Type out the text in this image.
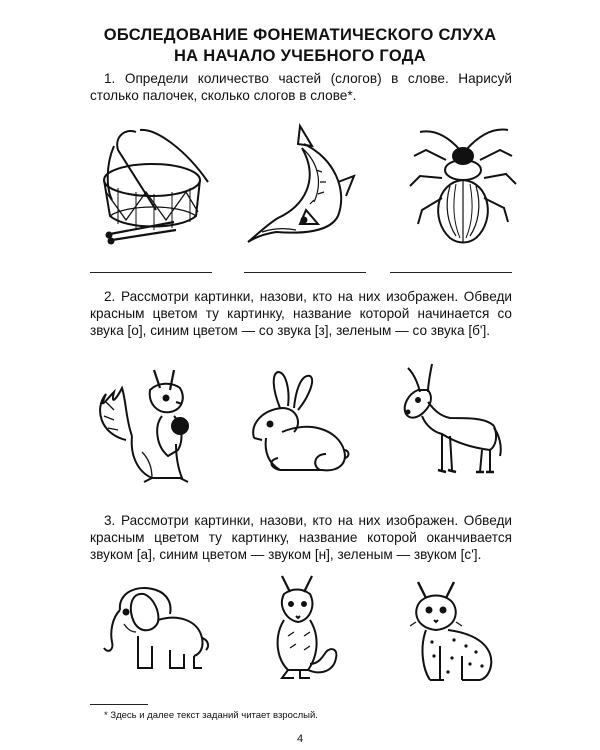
ОБСЛЕДОВАНИЕ ФОНЕМАТИЧЕСКОГО СЛУХА
НА НАЧАЛО УЧЕБНОГО ГОДА

1. Определи количество частей (слогов) в слове. Нарисуй столько палочек, сколько слогов в слове*.

2. Рассмотри картинки, назови, кто на них изображен. Обведи красным цветом ту картинку, название которой начинается со звука [о], синим цветом — со звука [з], зеленым — со звука [б'].

3. Рассмотри картинки, назови, кто на них изображен. Обведи красным цветом ту картинку, название которой оканчивается звуком [а], синим цветом — звуком [н], зеленым — звуком [с'].

* Здесь и далее текст заданий читает взрослый.
4
